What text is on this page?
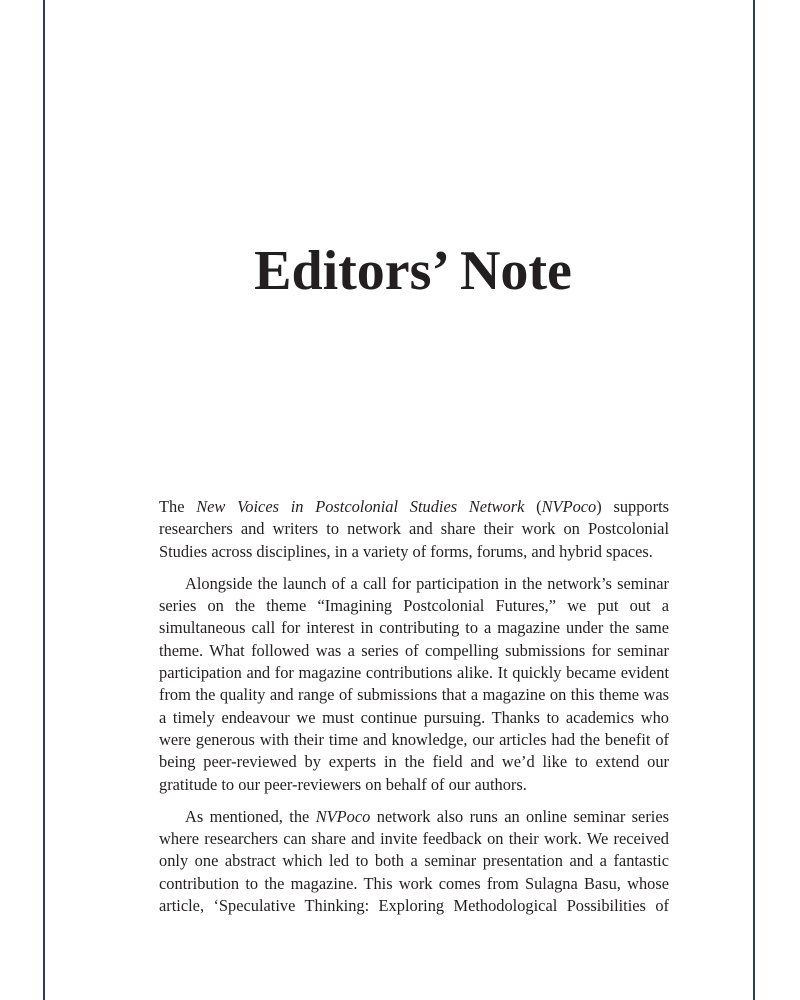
Editors’ Note

The New Voices in Postcolonial Studies Network (NVPoco) supports researchers and writers to network and share their work on Postcolonial Studies across disciplines, in a variety of forms, forums, and hybrid spaces.

Alongside the launch of a call for participation in the network’s seminar series on the theme “Imagining Postcolonial Futures,” we put out a simultaneous call for interest in contributing to a magazine under the same theme. What followed was a series of compelling submissions for seminar participation and for magazine contributions alike. It quickly became evident from the quality and range of submissions that a magazine on this theme was a timely endeavour we must continue pursuing. Thanks to academics who were generous with their time and knowledge, our articles had the benefit of being peer-reviewed by experts in the field and we’d like to extend our gratitude to our peer-reviewers on behalf of our authors.

As mentioned, the NVPoco network also runs an online seminar series where researchers can share and invite feedback on their work. We received only one abstract which led to both a seminar presentation and a fantastic contribution to the magazine. This work comes from Sulagna Basu, whose article, ‘Speculative Thinking: Exploring Methodological Possibilities of
